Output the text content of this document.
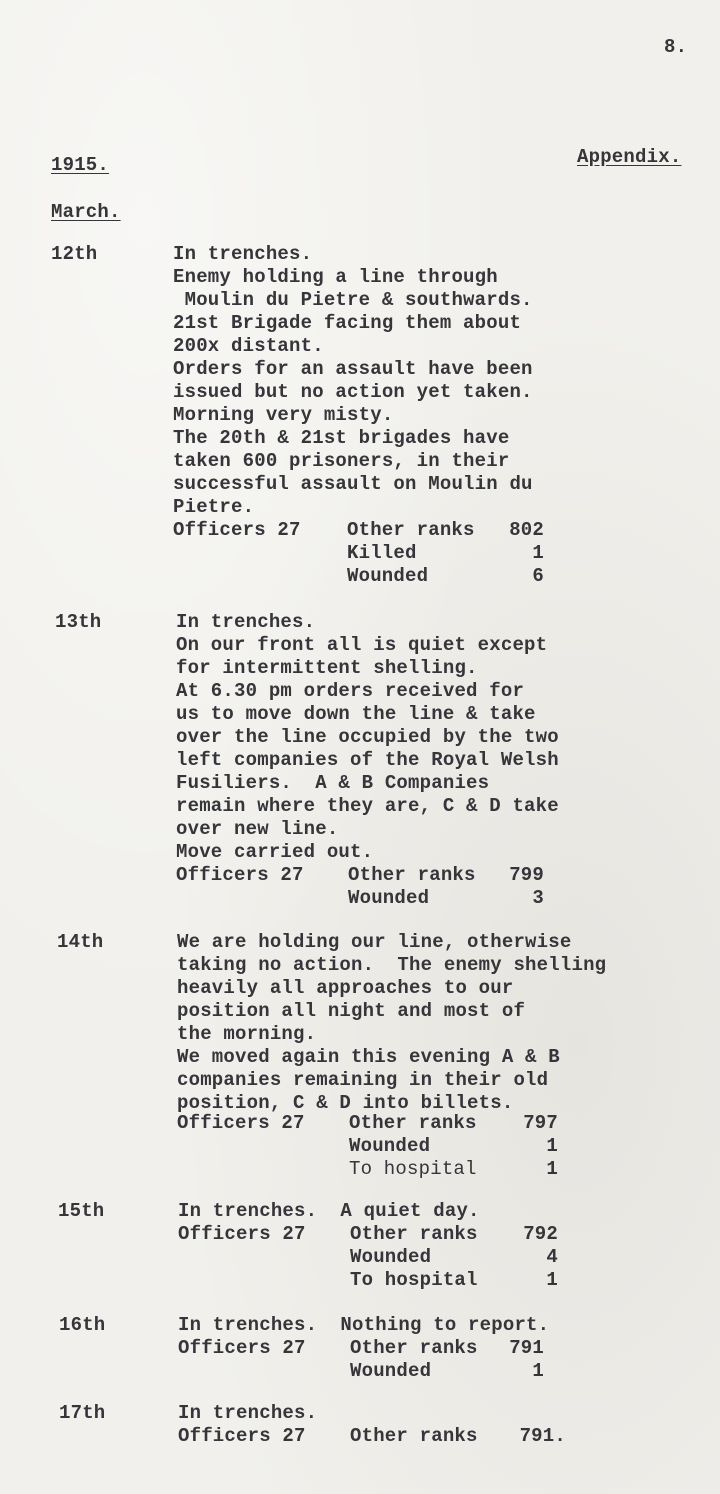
8.
1915.	Appendix.
March.
12th	In trenches.
Enemy holding a line through
Moulin du Pietre & southwards.
21st Brigade facing them about
200x distant.
Orders for an assault have been
issued but no action yet taken.
Morning very misty.
The 20th & 21st brigades have
taken 600 prisoners, in their
successful assault on Moulin du
Pietre.
Officers 27 Other ranks	802
Killed	1
Wounded	6
13th	In trenches.
On our front all is quiet except
for intermittent shelling.
At 6.30 pm orders received for
us to move down the line & take
over the line occupied by the two
left companies of the Royal Welsh
Fusiliers.  A & B Companies
remain where they are, C & D take
over new line.
Move carried out.
Officers 27 Other ranks	799
Wounded	3
14th	We are holding our line, otherwise
taking no action.  The enemy shelling
heavily all approaches to our
position all night and most of
the morning.
We moved again this evening A & B
companies remaining in their old
position, C & D into billets.
Officers 27 Other ranks	797
Wounded	1
To hospital	1
15th	In trenches.  A quiet day.
Officers 27 Other ranks	792
Wounded	4
To hospital	1
16th	In trenches.  Nothing to report.
Officers 27 Other ranks	791
Wounded	1
17th	In trenches.
Officers 27 Other ranks	791.
